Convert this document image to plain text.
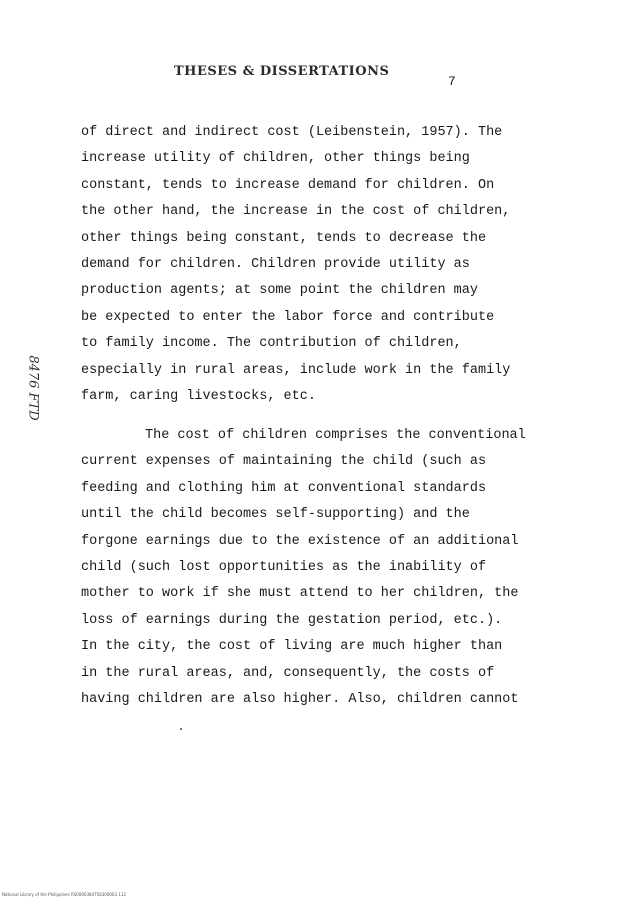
THESES & DISSERTATIONS
7
8476 FTD
of direct and indirect cost (Leibenstein, 1957). The
increase utility of children, other things being
constant, tends to increase demand for children. On
the other hand, the increase in the cost of children,
other things being constant, tends to decrease the
demand for children. Children provide utility as
production agents; at some point the children may
be expected to enter the labor force and contribute
to family income. The contribution of children,
especially in rural areas, include work in the family
farm, caring livestocks, etc.
The cost of children comprises the conventional
current expenses of maintaining the child (such as
feeding and clothing him at conventional standards
until the child becomes self-supporting) and the
forgone earnings due to the existence of an additional
child (such lost opportunities as the inability of
mother to work if she must attend to her children, the
loss of earnings during the gestation period, etc.).
In the city, the cost of living are much higher than
in the rural areas, and, consequently, the costs of
having children are also higher. Also, children cannot
National Library of the Philippines RS0000384756300003 112
